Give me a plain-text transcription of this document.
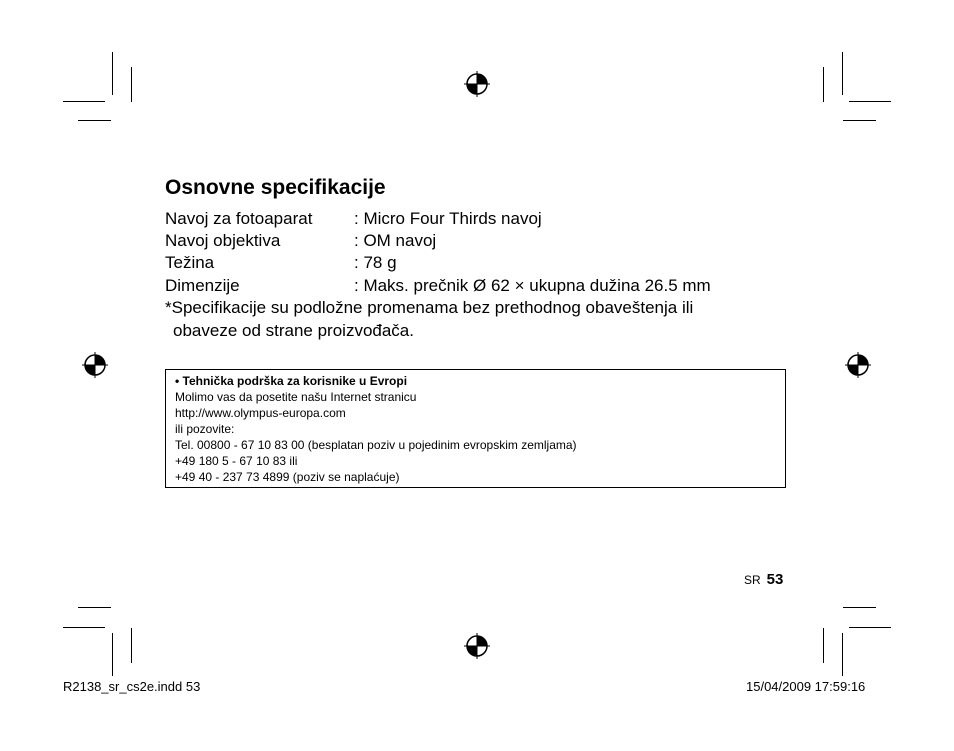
Osnovne specifikacije
Navoj za fotoaparat : Micro Four Thirds navoj
Navoj objektiva	: OM navoj
Težina	: 78 g
Dimenzije	: Maks. prečnik Ø 62 × ukupna dužina 26.5 mm
*Specifikacije su podložne promenama bez prethodnog obaveštenja ili
obaveze od strane proizvođača.
• Tehnička podrška za korisnike u Evropi
Molimo vas da posetite našu Internet stranicu
http://www.olympus-europa.com
ili pozovite:
Tel. 00800 - 67 10 83 00 (besplatan poziv u pojedinim evropskim zemljama)
+49 180 5 - 67 10 83 ili
+49 40 - 237 73 4899 (poziv se naplaćuje)
SR 53
R2138_sr_cs2e.indd 53	15/04/2009 17:59:16
